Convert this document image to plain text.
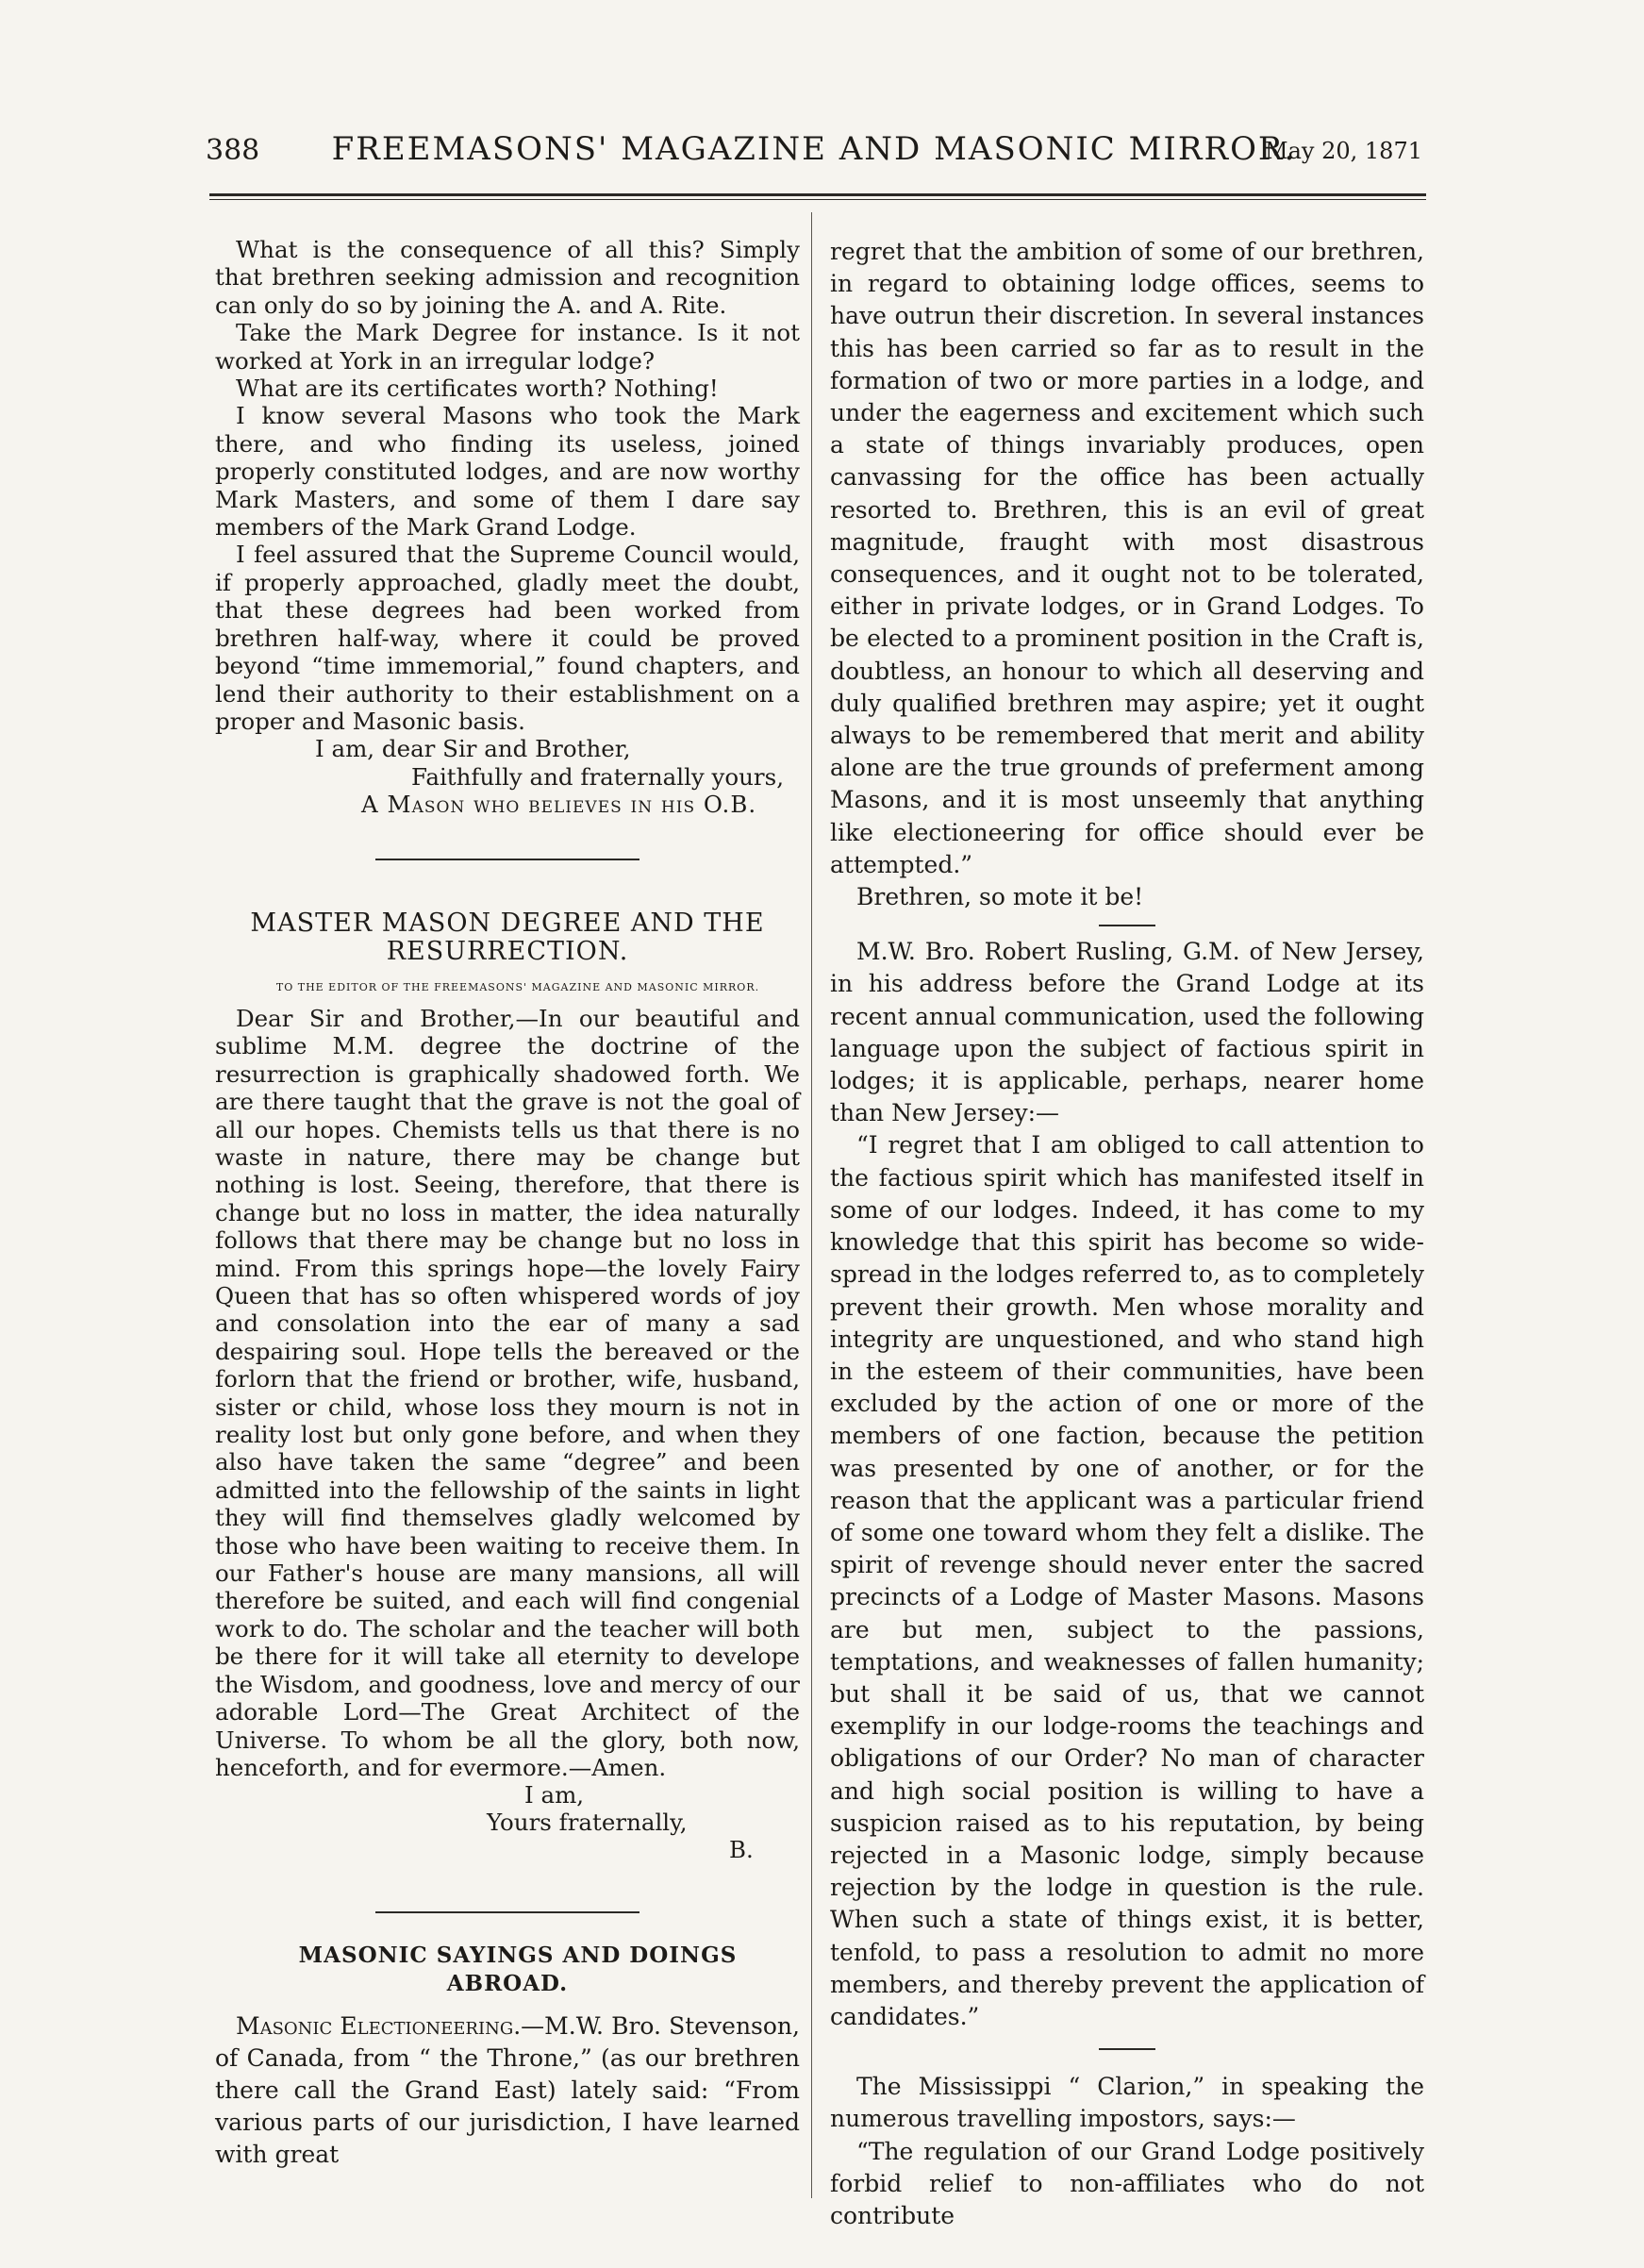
388	FREEMASONS' MAGAZINE AND MASONIC MIRROR.
May 20, 1871

What is the consequence of all this? Simply that brethren seeking admission and recognition can only do so by joining the A. and A. Rite.

Take the Mark Degree for instance. Is it not worked at York in an irregular lodge?

What are its certificates worth? Nothing!

I know several Masons who took the Mark there, and who finding its useless, joined properly constituted lodges, and are now worthy Mark Masters, and some of them I dare say members of the Mark Grand Lodge.

I feel assured that the Supreme Council would, if properly approached, gladly meet the doubt, that these degrees had been worked from brethren half-way, where it could be proved beyond “time immemorial,” found chapters, and lend their authority to their establishment on a proper and Masonic basis.

I am, dear Sir and Brother,

Faithfully and fraternally yours,

A Mason who believes in his O.B.

MASTER MASON DEGREE AND THE RESURRECTION.

TO THE EDITOR OF THE FREEMASONS' MAGAZINE AND MASONIC MIRROR.

Dear Sir and Brother,—In our beautiful and sublime M.M. degree the doctrine of the resurrection is graphically shadowed forth. We are there taught that the grave is not the goal of all our hopes. Chemists tells us that there is no waste in nature, there may be change but nothing is lost. Seeing, therefore, that there is change but no loss in matter, the idea naturally follows that there may be change but no loss in mind. From this springs hope—the lovely Fairy Queen that has so often whispered words of joy and consolation into the ear of many a sad despairing soul. Hope tells the bereaved or the forlorn that the friend or brother, wife, husband, sister or child, whose loss they mourn is not in reality lost but only gone before, and when they also have taken the same “degree” and been admitted into the fellowship of the saints in light they will find themselves gladly welcomed by those who have been waiting to receive them. In our Father's house are many mansions, all will therefore be suited, and each will find congenial work to do. The scholar and the teacher will both be there for it will take all eternity to develope the Wisdom, and goodness, love and mercy of our adorable Lord—The Great Architect of the Universe. To whom be all the glory, both now, henceforth, and for evermore.—Amen.

I am,
Yours fraternally,
B.

MASONIC SAYINGS AND DOINGS ABROAD.

Masonic Electioneering.—M.W. Bro. Stevenson, of Canada, from “ the Throne,” (as our brethren there call the Grand East) lately said: “From various parts of our jurisdiction, I have learned with great

regret that the ambition of some of our brethren, in regard to obtaining lodge offices, seems to have outrun their discretion. In several instances this has been carried so far as to result in the formation of two or more parties in a lodge, and under the eagerness and excitement which such a state of things invariably produces, open canvassing for the office has been actually resorted to. Brethren, this is an evil of great magnitude, fraught with most disastrous consequences, and it ought not to be tolerated, either in private lodges, or in Grand Lodges. To be elected to a prominent position in the Craft is, doubtless, an honour to which all deserving and duly qualified brethren may aspire; yet it ought always to be remembered that merit and ability alone are the true grounds of preferment among Masons, and it is most unseemly that anything like electioneering for office should ever be attempted.”

Brethren, so mote it be!

M.W. Bro. Robert Rusling, G.M. of New Jersey, in his address before the Grand Lodge at its recent annual communication, used the following language upon the subject of factious spirit in lodges; it is applicable, perhaps, nearer home than New Jersey:—

“I regret that I am obliged to call attention to the factious spirit which has manifested itself in some of our lodges. Indeed, it has come to my knowledge that this spirit has become so wide-spread in the lodges referred to, as to completely prevent their growth. Men whose morality and integrity are unquestioned, and who stand high in the esteem of their communities, have been excluded by the action of one or more of the members of one faction, because the petition was presented by one of another, or for the reason that the applicant was a particular friend of some one toward whom they felt a dislike. The spirit of revenge should never enter the sacred precincts of a Lodge of Master Masons. Masons are but men, subject to the passions, temptations, and weaknesses of fallen humanity; but shall it be said of us, that we cannot exemplify in our lodge-rooms the teachings and obligations of our Order? No man of character and high social position is willing to have a suspicion raised as to his reputation, by being rejected in a Masonic lodge, simply because rejection by the lodge in question is the rule. When such a state of things exist, it is better, tenfold, to pass a resolution to admit no more members, and thereby prevent the application of candidates.”

The Mississippi “ Clarion,” in speaking the numerous travelling impostors, says:—

“The regulation of our Grand Lodge positively forbid relief to non-affiliates who do not contribute
